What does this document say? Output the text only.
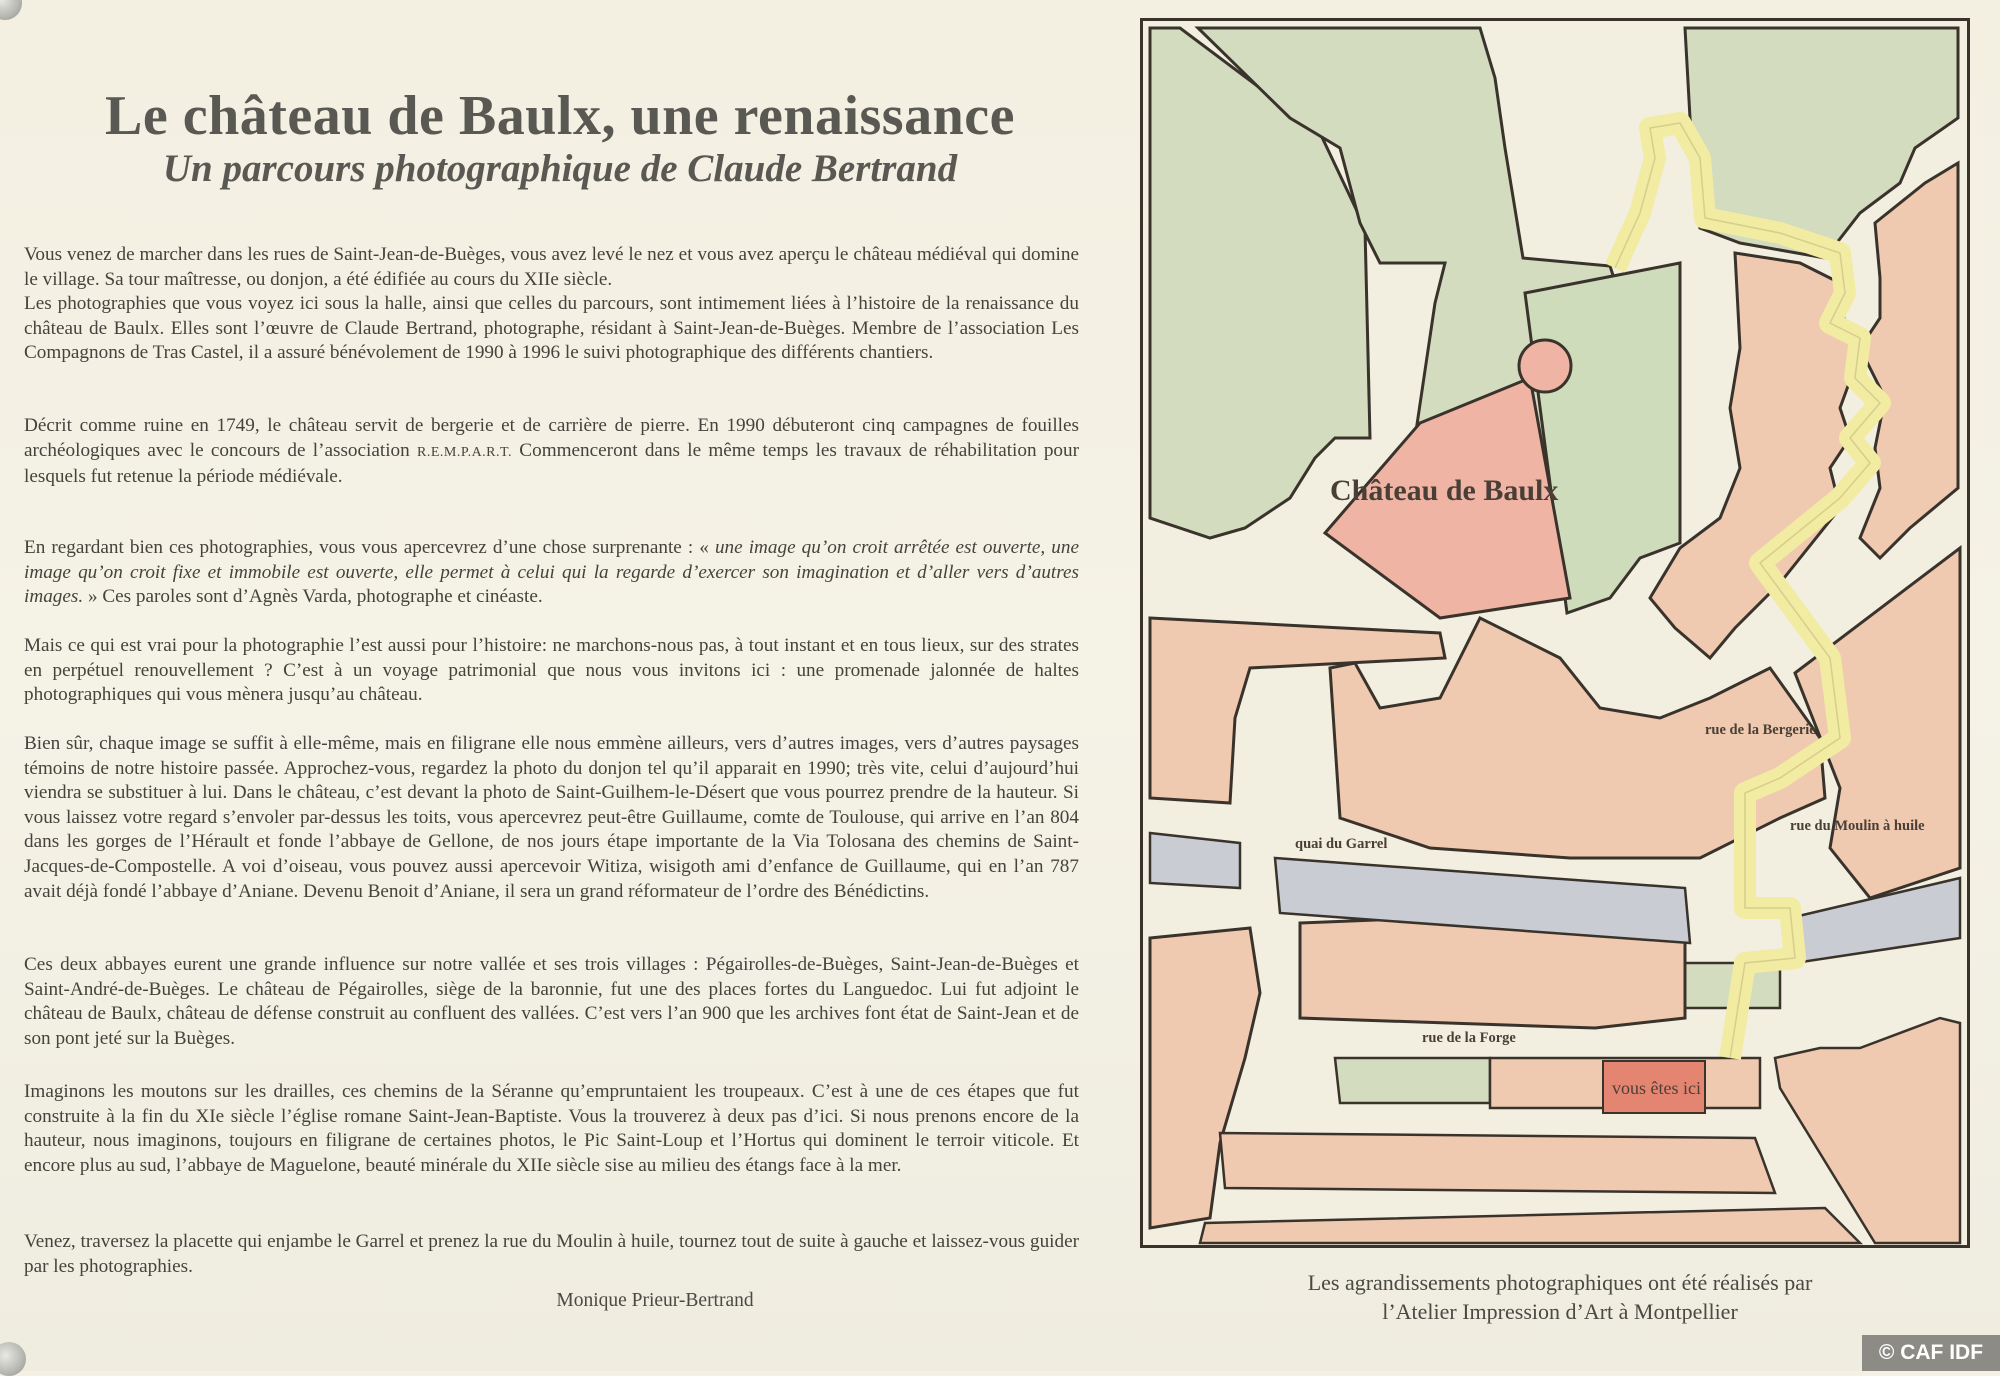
Le château de Baulx, une renaissance
Un parcours photographique de Claude Bertrand

Vous venez de marcher dans les rues de Saint-Jean-de-Buèges, vous avez levé le nez et vous avez aperçu le château médiéval qui domine le village. Sa tour maîtresse, ou donjon, a été édifiée au cours du XIIe siècle.

Les photographies que vous voyez ici sous la halle, ainsi que celles du parcours, sont intimement liées à l’histoire de la renaissance du château de Baulx. Elles sont l’œuvre de Claude Bertrand, photographe, résidant à Saint-Jean-de-Buèges. Membre de l’association Les Compagnons de Tras Castel, il a assuré bénévolement de 1990 à 1996 le suivi photographique des différents chantiers.

Décrit comme ruine en 1749, le château servit de bergerie et de carrière de pierre. En 1990 débuteront cinq campagnes de fouilles archéologiques avec le concours de l’association R.E.M.P.A.R.T. Commenceront dans le même temps les travaux de réhabilitation pour lesquels fut retenue la période médiévale.

En regardant bien ces photographies, vous vous apercevrez d’une chose surprenante : « une image qu’on croit arrêtée est ouverte, une image qu’on croit fixe et immobile est ouverte, elle permet à celui qui la regarde d’exercer son imagination et d’aller vers d’autres images. » Ces paroles sont d’Agnès Varda, photographe et cinéaste.

Mais ce qui est vrai pour la photographie l’est aussi pour l’histoire: ne marchons-nous pas, à tout instant et en tous lieux, sur des strates en perpétuel renouvellement ? C’est à un voyage patrimonial que nous vous invitons ici : une promenade jalonnée de haltes photographiques qui vous mènera jusqu’au château.

Bien sûr, chaque image se suffit à elle-même, mais en filigrane elle nous emmène ailleurs, vers d’autres images, vers d’autres paysages témoins de notre histoire passée. Approchez-vous, regardez la photo du donjon tel qu’il apparait en 1990; très vite, celui d’aujourd’hui viendra se substituer à lui. Dans le château, c’est devant la photo de Saint-Guilhem-le-Désert que vous pourrez prendre de la hauteur. Si vous laissez votre regard s’envoler par-dessus les toits, vous apercevrez peut-être Guillaume, comte de Toulouse, qui arrive en l’an 804 dans les gorges de l’Hérault et fonde l’abbaye de Gellone, de nos jours étape importante de la Via Tolosana des chemins de Saint-Jacques-de-Compostelle. A voi d’oiseau, vous pouvez aussi apercevoir Witiza, wisigoth ami d’enfance de Guillaume, qui en l’an 787 avait déjà fondé l’abbaye d’Aniane. Devenu Benoit d’Aniane, il sera un grand réformateur de l’ordre des Bénédictins.

Ces deux abbayes eurent une grande influence sur notre vallée et ses trois villages : Pégairolles-de-Buèges, Saint-Jean-de-Buèges et Saint-André-de-Buèges. Le château de Pégairolles, siège de la baronnie, fut une des places fortes du Languedoc. Lui fut adjoint le château de Baulx, château de défense construit au confluent des vallées. C’est vers l’an 900 que les archives font état de Saint-Jean et de son pont jeté sur la Buèges.

Imaginons les moutons sur les drailles, ces chemins de la Séranne qu’empruntaient les troupeaux. C’est à une de ces étapes que fut construite à la fin du XIe siècle l’église romane Saint-Jean-Baptiste. Vous la trouverez à deux pas d’ici. Si nous prenons encore de la hauteur, nous imaginons, toujours en filigrane de certaines photos, le Pic Saint-Loup et l’Hortus qui dominent le terroir viticole. Et encore plus au sud, l’abbaye de Maguelone, beauté minérale du XIIe siècle sise au milieu des étangs face à la mer.

Venez, traversez la placette qui enjambe le Garrel et prenez la rue du Moulin à huile, tournez tout de suite à gauche et laissez-vous guider par les photographies.

Monique Prieur-Bertrand
Château de Baulx
vous êtes ici
rue de la Bergerie
rue du Moulin à huile
quai du Garrel
rue de la Forge
Les agrandissements photographiques ont été réalisés par
l’Atelier Impression d’Art à Montpellier
© CAF IDF
